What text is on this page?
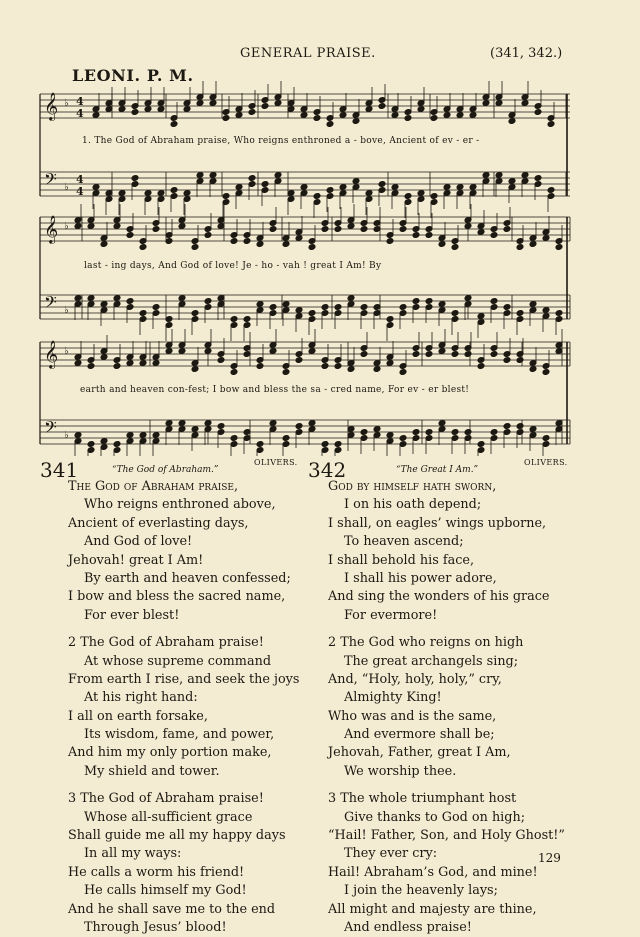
GENERAL PRAISE.	(341, 342.)
LEONI. P. M.
𝄞
𝄢
♭
♭
4
4
4
4
𝄞
𝄢
♭
♭
𝄞
𝄢
♭
♭
1. The God of Abraham praise, Who reigns enthroned a - bove, Ancient of ev - er -
last - ing days, And God of love! Je - ho - vah ! great I Am! By
earth and heaven con-fest; I bow and bless the sa - cred name, For ev - er blest!
341	“The God of Abraham.”
OLIVERS.
The God of Abraham praise,
Who reigns enthroned above,
Ancient of everlasting days,
And God of love!
Jehovah! great I Am!
By earth and heaven confessed;
I bow and bless the sacred name,
For ever blest!
2 The God of Abraham praise!
At whose supreme command
From earth I rise, and seek the joys
At his right hand:
I all on earth forsake,
Its wisdom, fame, and power,
And him my only portion make,
My shield and tower.
3 The God of Abraham praise!
Whose all-sufficient grace
Shall guide me all my happy days
In all my ways:
He calls a worm his friend!
He calls himself my God!
And he shall save me to the end
Through Jesus’ blood!
342	“The Great I Am.”
OLIVERS.
God by himself hath sworn,
I on his oath depend;
I shall, on eagles’ wings upborne,
To heaven ascend;
I shall behold his face,
I shall his power adore,
And sing the wonders of his grace
For evermore!
2 The God who reigns on high
The great archangels sing;
And, “Holy, holy, holy,” cry,
Almighty King!
Who was and is the same,
And evermore shall be;
Jehovah, Father, great I Am,
We worship thee.
3 The whole triumphant host
Give thanks to God on high;
“Hail! Father, Son, and Holy Ghost!”
They ever cry:
Hail! Abraham’s God, and mine!
I join the heavenly lays;
All might and majesty are thine,
And endless praise!
129
